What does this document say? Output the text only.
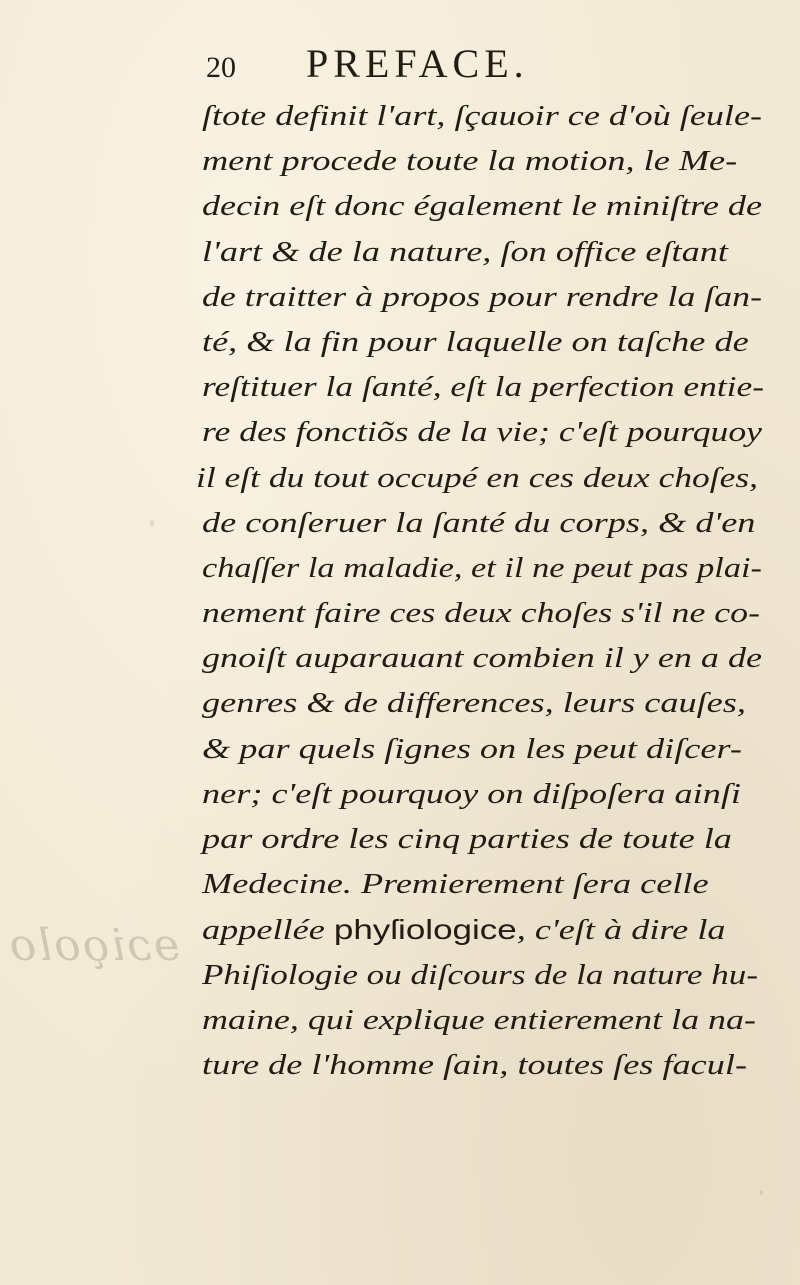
ɘɔiǫolo
20	PREFACE.
ſtote definit l'art, ſçauoir ce d'où ſeule-
ment procede toute la motion, le Me-
decin eſt donc également le miniſtre de
l'art & de la nature, ſon office eſtant
de traitter à propos pour rendre la ſan-
té, & la fin pour laquelle on taſche de
reſtituer la ſanté, eſt la perfection entie-
re des fonctiõs de la vie; c'eſt pourquoy
il eſt du tout occupé en ces deux choſes,
de conſeruer la ſanté du corps, & d'en
chaſſer la maladie, et il ne peut pas plai-
nement faire ces deux choſes s'il ne co-
gnoiſt auparauant combien il y en a de
genres & de differences, leurs cauſes,
& par quels ſignes on les peut diſcer-
ner; c'eſt pourquoy on diſpoſera ainſi
par ordre les cinq parties de toute la
Medecine. Premierement ſera celle
appellée phyſiologice, c'eſt à dire la
Phiſiologie ou diſcours de la nature hu-
maine, qui explique entierement la na-
ture de l'homme ſain, toutes ſes facul-
